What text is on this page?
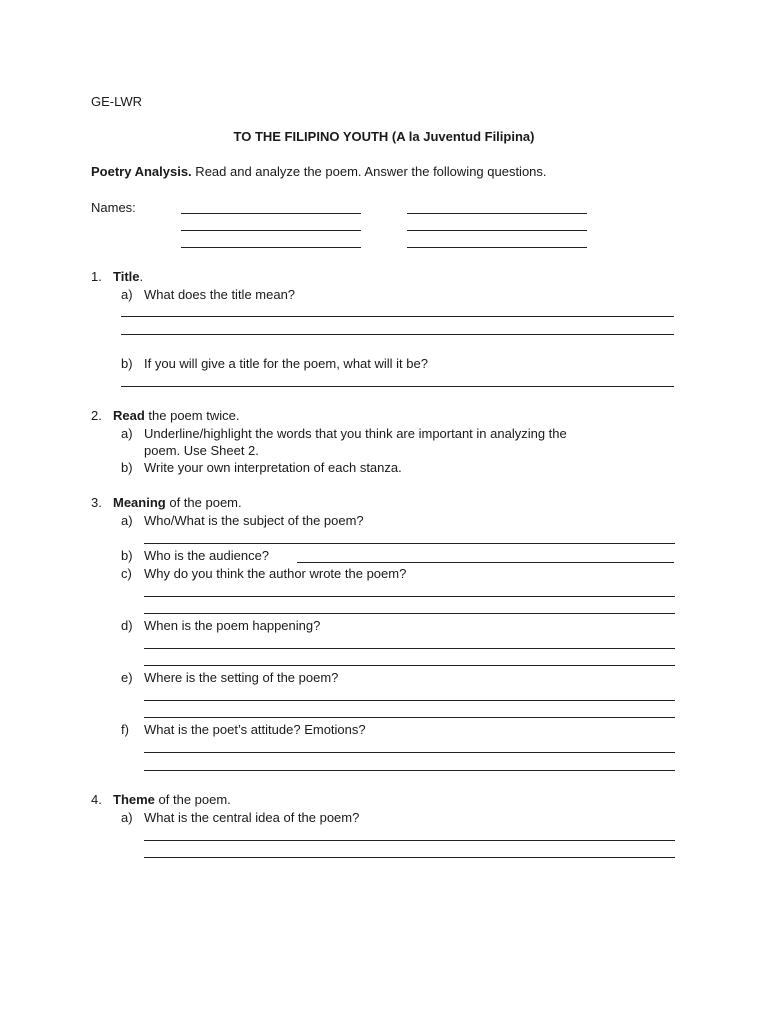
GE-LWR
TO THE FILIPINO YOUTH (A la Juventud Filipina)
Poetry Analysis. Read and analyze the poem. Answer the following questions.
Names:
1. Title.
a) What does the title mean?
b) If you will give a title for the poem, what will it be?
2. Read the poem twice.
a) Underline/highlight the words that you think are important in analyzing the
poem. Use Sheet 2.
b) Write your own interpretation of each stanza.
3. Meaning of the poem.
a) Who/What is the subject of the poem?
b) Who is the audience?
c) Why do you think the author wrote the poem?
d) When is the poem happening?
e) Where is the setting of the poem?
f) What is the poet’s attitude? Emotions?
4. Theme of the poem.
a) What is the central idea of the poem?
